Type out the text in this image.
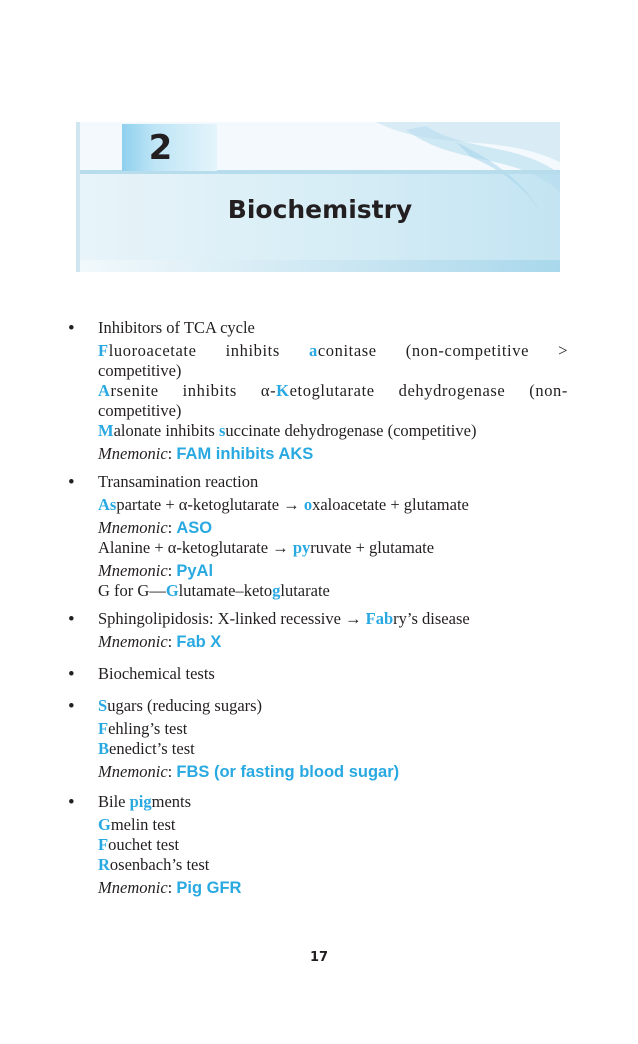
2
Biochemistry
• Inhibitors of TCA cycle
Fluoroacetate inhibits aconitase (non-competitive >
competitive)
Arsenite inhibits α-Ketoglutarate dehydrogenase (non-
competitive)
Malonate inhibits succinate dehydrogenase (competitive)
Mnemonic: FAM inhibits AKS
• Transamination reaction
Aspartate + α-ketoglutarate → oxaloacetate + glutamate
Mnemonic: ASO
Alanine + α-ketoglutarate → pyruvate + glutamate
Mnemonic: PyAl
G for G—Glutamate–ketoglutarate
• Sphingolipidosis: X-linked recessive → Fabry’s disease
Mnemonic: Fab X
• Biochemical tests
• Sugars (reducing sugars)
Fehling’s test
Benedict’s test
Mnemonic: FBS (or fasting blood sugar)
• Bile pigments
Gmelin test
Fouchet test
Rosenbach’s test
Mnemonic: Pig GFR
17
